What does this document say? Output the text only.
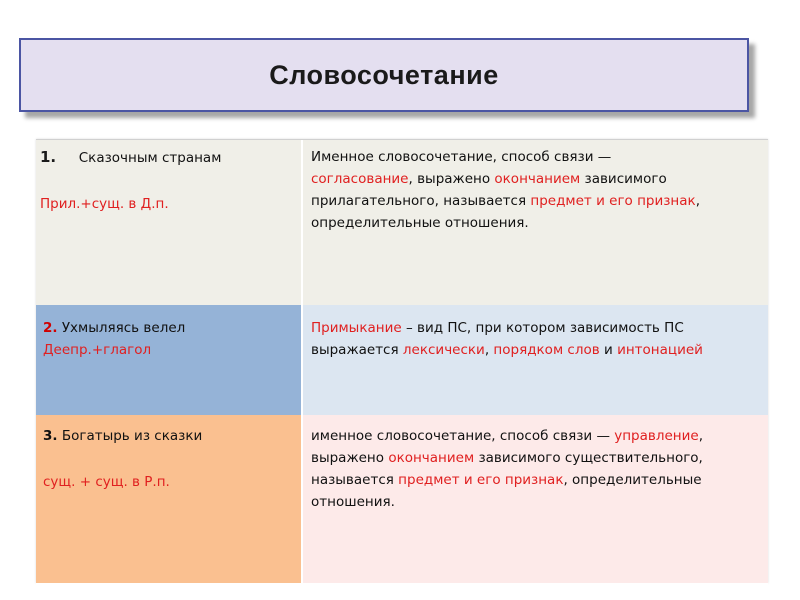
Словосочетание
1. Сказочным странам
Прил.+сущ. в Д.п.
Именное словосочетание, способ связи — согласование, выражено окончанием зависимого прилагательного, называется предмет и его признак, определительные отношения.
2. Ухмыляясь велел
Деепр.+глагол
Примыкание – вид ПС, при котором зависимость ПС выражается лексически, порядком слов и интонацией
3. Богатырь из сказки
сущ. + сущ. в Р.п.
именное словосочетание, способ связи — управление, выражено окончанием зависимого существительного, называется предмет и его признак, определительные отношения.
